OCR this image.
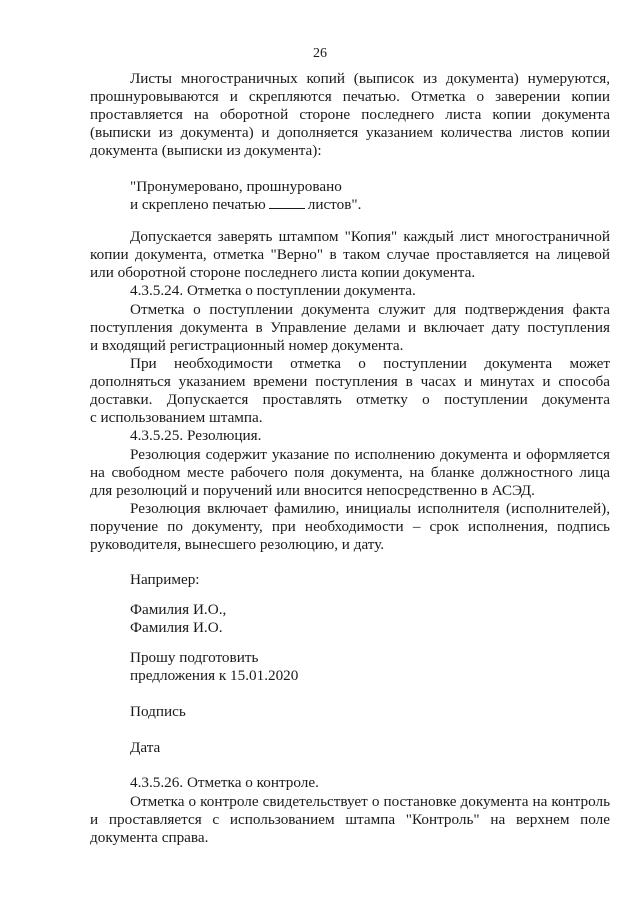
26
Листы многостраничных копий (выписок из документа) нумеруются,
прошнуровываются и скрепляются печатью. Отметка о заверении копии
проставляется на оборотной стороне последнего листа копии документа
(выписки из документа) и дополняется указанием количества листов копии
документа (выписки из документа):
"Пронумеровано, прошнуровано
и скреплено печатью	листов".
Допускается заверять штампом "Копия" каждый лист многостраничной
копии документа, отметка "Верно" в таком случае проставляется на лицевой
или оборотной стороне последнего листа копии документа.
4.3.5.24. Отметка о поступлении документа.
Отметка о поступлении документа служит для подтверждения факта
поступления документа в Управление делами и включает дату поступления
и входящий регистрационный номер документа.
При необходимости отметка о поступлении документа может
дополняться указанием времени поступления в часах и минутах и способа
доставки. Допускается проставлять отметку о поступлении документа
с использованием штампа.
4.3.5.25. Резолюция.
Резолюция содержит указание по исполнению документа и оформляется
на свободном месте рабочего поля документа, на бланке должностного лица
для резолюций и поручений или вносится непосредственно в АСЭД.
Резолюция включает фамилию, инициалы исполнителя (исполнителей),
поручение по документу, при необходимости – срок исполнения, подпись
руководителя, вынесшего резолюцию, и дату.
Например:
Фамилия И.О.,
Фамилия И.О.
Прошу подготовить
предложения к 15.01.2020
Подпись
Дата
4.3.5.26. Отметка о контроле.
Отметка о контроле свидетельствует о постановке документа на контроль
и проставляется с использованием штампа "Контроль" на верхнем поле
документа справа.
